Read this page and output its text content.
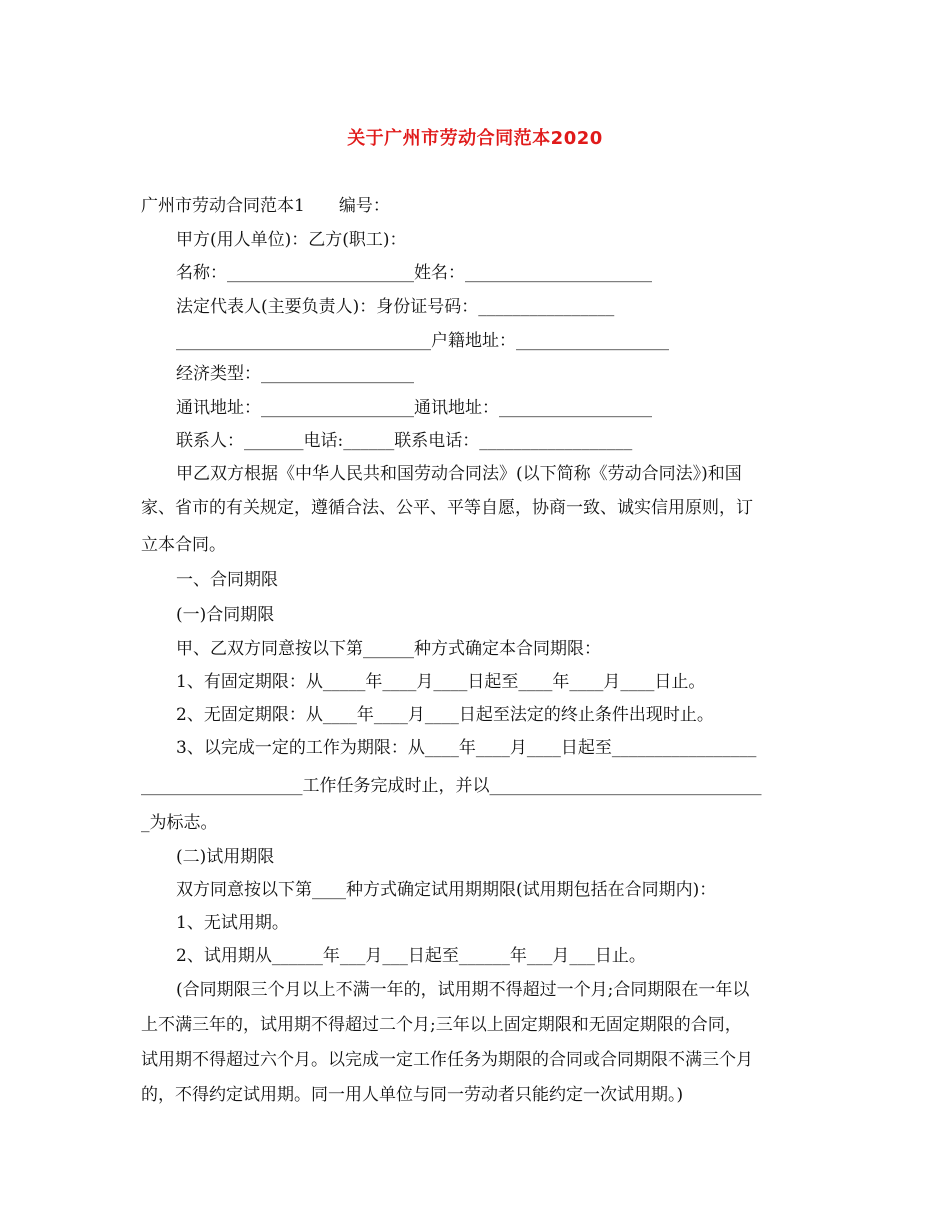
关于广州市劳动合同范本2020
广州市劳动合同范本1　　编号：
甲方(用人单位)：乙方(职工)：
名称：______________________姓名：______________________
法定代表人(主要负责人)：身份证号码：________________
______________________________户籍地址：__________________
经济类型：__________________
通讯地址：__________________通讯地址：__________________
联系人：_______电话:______联系电话：__________________
甲乙双方根据《中华人民共和国劳动合同法》(以下简称《劳动合同法》)和国
家、省市的有关规定，遵循合法、公平、平等自愿，协商一致、诚实信用原则，订
立本合同。
一、合同期限
(一)合同期限
甲、乙双方同意按以下第______种方式确定本合同期限：
1、有固定期限：从_____年____月____日起至____年____月____日止。
2、无固定期限：从____年____月____日起至法定的终止条件出现时止。
3、以完成一定的工作为期限：从____年____月____日起至_________________
___________________工作任务完成时止，并以________________________________
_为标志。
(二)试用期限
双方同意按以下第____种方式确定试用期期限(试用期包括在合同期内)：
1、无试用期。
2、试用期从______年___月___日起至______年___月___日止。
(合同期限三个月以上不满一年的，试用期不得超过一个月;合同期限在一年以
上不满三年的，试用期不得超过二个月;三年以上固定期限和无固定期限的合同，
试用期不得超过六个月。以完成一定工作任务为期限的合同或合同期限不满三个月
的，不得约定试用期。同一用人单位与同一劳动者只能约定一次试用期。)
